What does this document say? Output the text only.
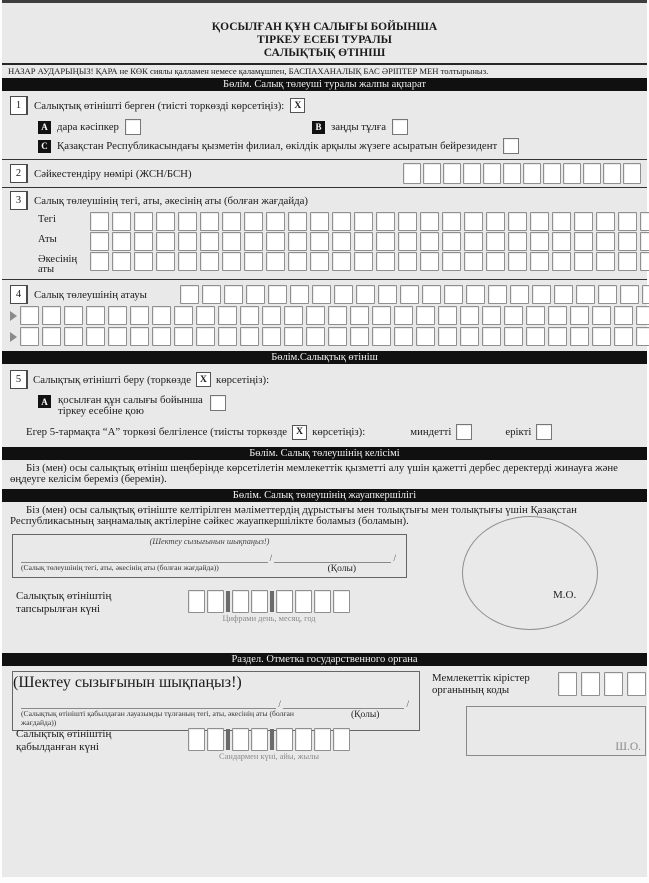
ҚОСЫЛҒАН ҚҰН САЛЫҒЫ БОЙЫНША
ТІРКЕУ ЕСЕБІ ТУРАЛЫ
САЛЫҚТЫҚ ӨТІНІШ
НАЗАР АУДАРЫҢЫЗ! ҚАРА не КӨК сиялы қалламен немесе қаламұшпен, БАСПАХАНАЛЫҚ БАС ӘРІПТЕР МЕН толтырыныз.
Бөлім. Салық төлеуші туралы жалпы ақпарат
1	Салықтық өтінішті берген (тиісті торкөзді көрсетіңіз):	X
A дара кәсіпкер	B заңды тұлға
C Қазақстан Республикасындағы қызметін филиал, өкілдік арқылы жүзеге асыратын бейрезидент
2	Сәйкестендіру нөмірі (ЖСН/БСН)
3	Салық төлеушінің тегі, аты, әкесінің аты (болған жағдайда)
Тегі
Аты
Әкесінің аты
4	Салық төлеушінің атауы
Бөлім.Салықтық өтініш
5	Салықтық өтінішті беру (торкөзде X көрсетіңіз):
A қосылған құн салығы бойынша
тіркеу есебіне қою
Егер 5-тармақта “А” торкөзі белгіленсе (тиісты торкөзде X көрсетіңіз):	миндетті	ерікті
Бөлім. Салық төлеушінің келісімі
Біз (мен) осы салықтық өтініш шеңберінде көрсетілетін мемлекеттік қызметті алу үшін қажетті дербес деректерді жинауға және өңдеуге келісім береміз (беремін).
Бөлім. Салық төлеушінің жауапкершілігі
Біз (мен) осы салықтық өтініште келтірілген мәліметтердің дұрыстығы мен толықтығы мен толықтығы үшін Қазақстан Республикасының заңнамалық актілеріне сәйкес жауапкершілікте боламыз (боламын).
М.О.
(Шектеу сызығынын шықпаңыз!)
/	/
(Салық төлеушінің тегі, аты, әкесінің аты (болған жағдайда))	(Қолы)
Салықтық өтініштің
тапсырылған күні
Цифрами день, месяц, год
Раздел. Отметка государственного органа
(Шектеу сызығынын шықпаңыз!)
/	/
(Салықтық өтінішті қабылдаған лауазымды тұлғаның тегі, аты, әкесінің аты (болған жағдайда))
(Қолы)
Мемлекеттік кірістер
органының коды
Ш.О.
Салықтық өтініштің
қабылданған күні
Сандармен күні, айы, жылы
